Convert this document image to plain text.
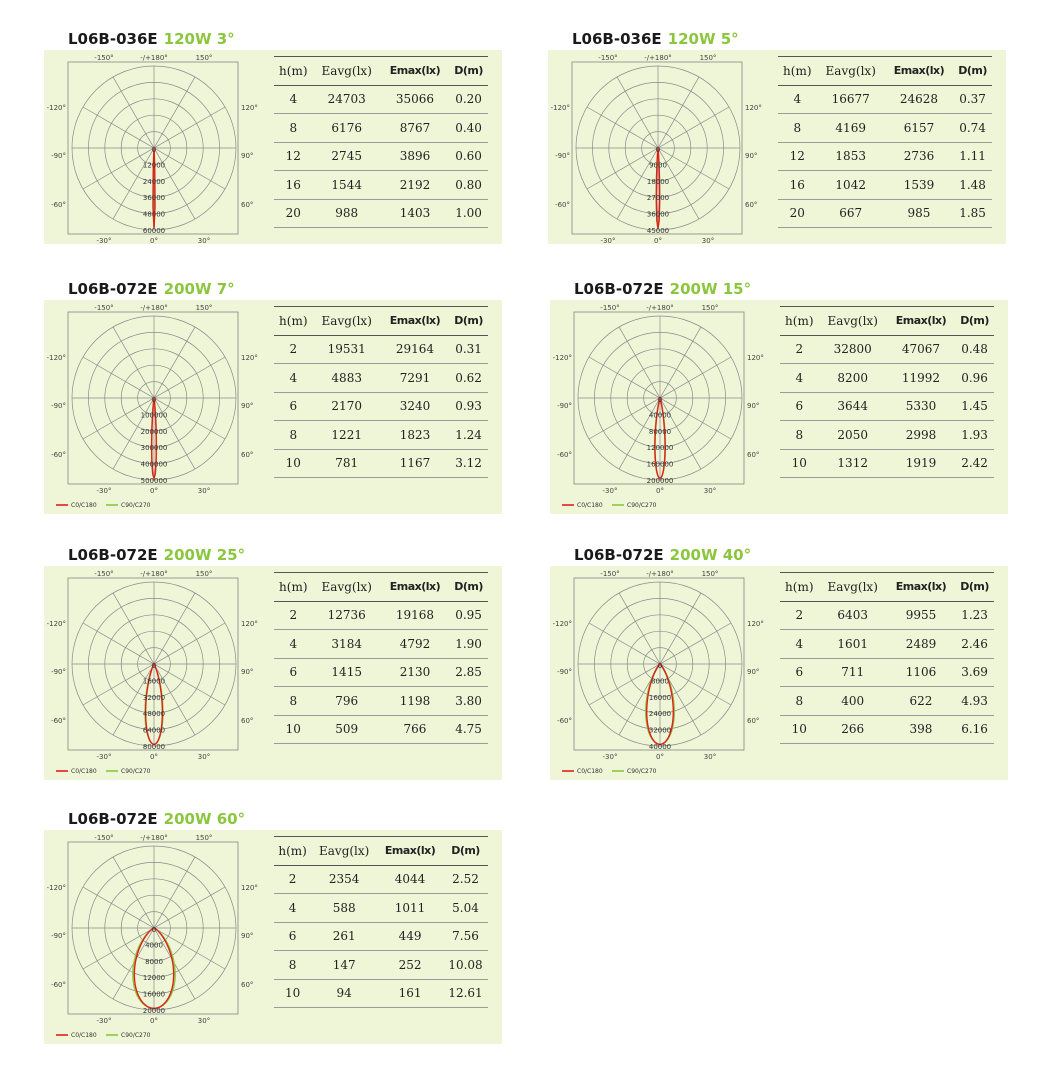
L06B-036E 120W 3°
-150°	-/+180°	150°
-120°	120°
-90°	90°
-60°	60°
-30°	0°	30°
0
12000
24000
36000
48000
60000
h(m)	Eavg(lx)	Emax(lx)	D(m)
4	24703	35066	0.20
8	6176	8767	0.40
12	2745	3896	0.60
16	1544	2192	0.80
20	988	1403	1.00
L06B-036E 120W 5°
-150°	-/+180°	150°
-120°	120°
-90°	90°
-60°	60°
-30°	0°	30°
0
9000
18000
27000
36000
45000
h(m)	Eavg(lx)	Emax(lx)	D(m)
4	16677	24628	0.37
8	4169	6157	0.74
12	1853	2736	1.11
16	1042	1539	1.48
20	667	985	1.85
L06B-072E 200W 7°
-150°	-/+180°	150°
-120°	120°
-90°	90°
-60°	60°
-30°	0°	30°
0
100000
200000
300000
400000
500000
C0/C180	C90/C270
h(m)	Eavg(lx)	Emax(lx)	D(m)
2	19531	29164	0.31
4	4883	7291	0.62
6	2170	3240	0.93
8	1221	1823	1.24
10	781	1167	3.12
L06B-072E 200W 15°
-150°	-/+180°	150°
-120°	120°
-90°	90°
-60°	60°
-30°	0°	30°
0
40000
80000
120000
160000
200000
C0/C180	C90/C270
h(m)	Eavg(lx)	Emax(lx)	D(m)
2	32800	47067	0.48
4	8200	11992	0.96
6	3644	5330	1.45
8	2050	2998	1.93
10	1312	1919	2.42
L06B-072E 200W 25°
-150°	-/+180°	150°
-120°	120°
-90°	90°
-60°	60°
-30°	0°	30°
0
16000
32000
48000
64000
80000
C0/C180	C90/C270
h(m)	Eavg(lx)	Emax(lx)	D(m)
2	12736	19168	0.95
4	3184	4792	1.90
6	1415	2130	2.85
8	796	1198	3.80
10	509	766	4.75
L06B-072E 200W 40°
-150°	-/+180°	150°
-120°	120°
-90°	90°
-60°	60°
-30°	0°	30°
0
8000
16000
24000
32000
40000
C0/C180	C90/C270
h(m)	Eavg(lx)	Emax(lx)	D(m)
2	6403	9955	1.23
4	1601	2489	2.46
6	711	1106	3.69
8	400	622	4.93
10	266	398	6.16
L06B-072E 200W 60°
-150°	-/+180°	150°
-120°	120°
-90°	90°
-60°	60°
-30°	0°	30°
0
4000
8000
12000
16000
20000
C0/C180	C90/C270
h(m)	Eavg(lx)	Emax(lx)	D(m)
2	2354	4044	2.52
4	588	1011	5.04
6	261	449	7.56
8	147	252	10.08
10	94	161	12.61
